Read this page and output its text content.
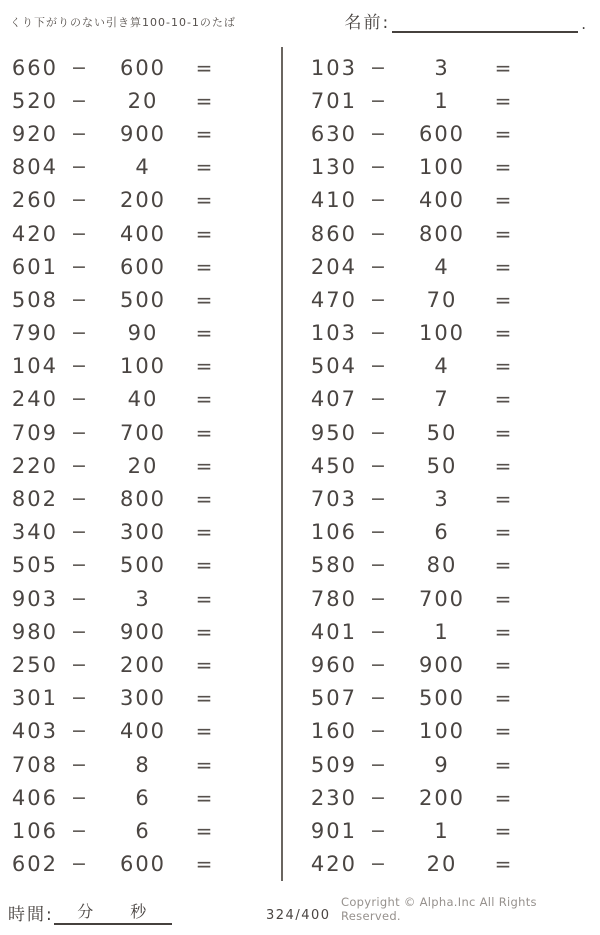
くり下がりのない引き算100-10-1のたば	名前:	.
660 −	600	=
520 −	20	=
920 −	900	=
804 −	4	=
260 −	200	=
420 −	400	=
601 −	600	=
508 −	500	=
790 −	90	=
104 −	100	=
240 −	40	=
709 −	700	=
220 −	20	=
802 −	800	=
340 −	300	=
505 −	500	=
903 −	3	=
980 −	900	=
250 −	200	=
301 −	300	=
403 −	400	=
708 −	8	=
406 −	6	=
106 −	6	=
602 −	600	=
103 −	3	=
701 −	1	=
630 −	600	=
130 −	100	=
410 −	400	=
860 −	800	=
204 −	4	=
470 −	70	=
103 −	100	=
504 −	4	=
407 −	7	=
950 −	50	=
450 −	50	=
703 −	3	=
106 −	6	=
580 −	80	=
780 −	700	=
401 −	1	=
960 −	900	=
507 −	500	=
160 −	100	=
509 −	9	=
230 −	200	=
901 −	1	=
420 −	20	=
時間: 分 秒	324/400
Copyright © Alpha.Inc All Rights Reserved.
